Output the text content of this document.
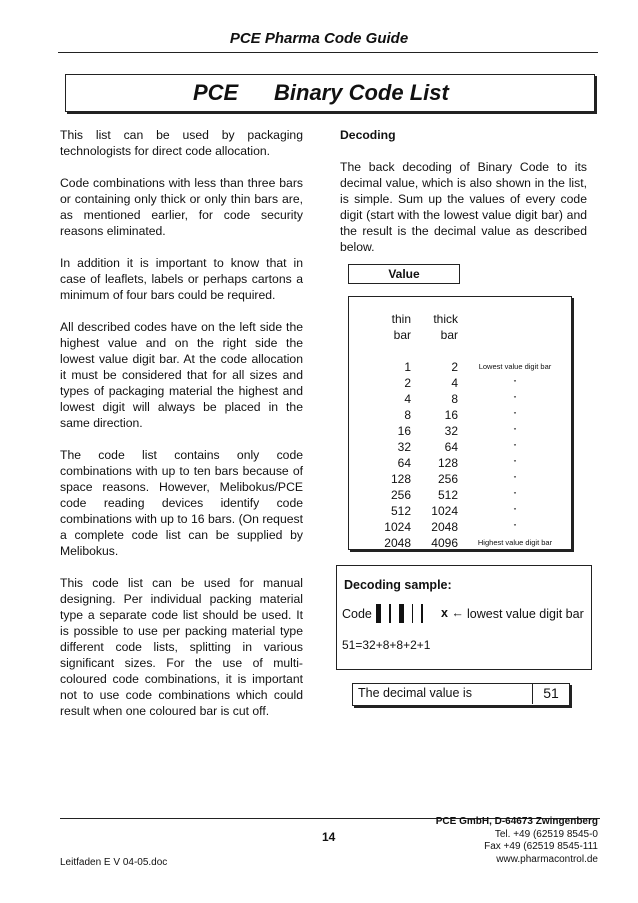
PCE Pharma Code Guide
PCE Binary Code List

This list can be used by packaging technologists for direct code allocation.

Code combinations with less than three bars or containing only thick or only thin bars are, as mentioned earlier, for code security reasons eliminated.

In addition it is important to know that in case of leaflets, labels or perhaps cartons a minimum of four bars could be required.

All described codes have on the left side the highest value and on the right side the lowest value digit bar. At the code allocation it must be considered that for all sizes and types of packaging material the highest and lowest digit will always be placed in the same direction.

The code list contains only code combinations with up to ten bars because of space reasons. However, Melibokus/PCE code reading devices identify code combinations with up to 16 bars. (On request a complete code list can be supplied by Melibokus.

This code list can be used for manual designing. Per individual packing material type a separate code list should be used. It is possible to use per packing material type different code lists, splitting in various significant sizes. For the use of multi-coloured code combinations, it is important not to use code combinations which could result when one coloured bar is cut off.

Decoding

The back decoding of Binary Code to its decimal value, which is also shown in the list, is simple. Sum up the values of every code digit (start with the lowest value digit bar) and the result is the decimal value as described below.

Value
thin
bar
1
2
4
8
16
32
64
128
256
512
1024
2048
thick
bar
2
4
8
16
32
64
128
256
512
1024
2048
4096
Lowest value digit bar
"
"
"
"
"
"
"
"
"
"
Highest value digit bar
Decoding sample:
Code	x ← lowest value digit bar
51=32+8+8+2+1
The decimal value is	51
14
PCE GmbH, D-64673 Zwingenberg
Tel. +49 (62519 8545-0
Fax +49 (62519 8545-111
www.pharmacontrol.de
Leitfaden E V 04-05.doc
